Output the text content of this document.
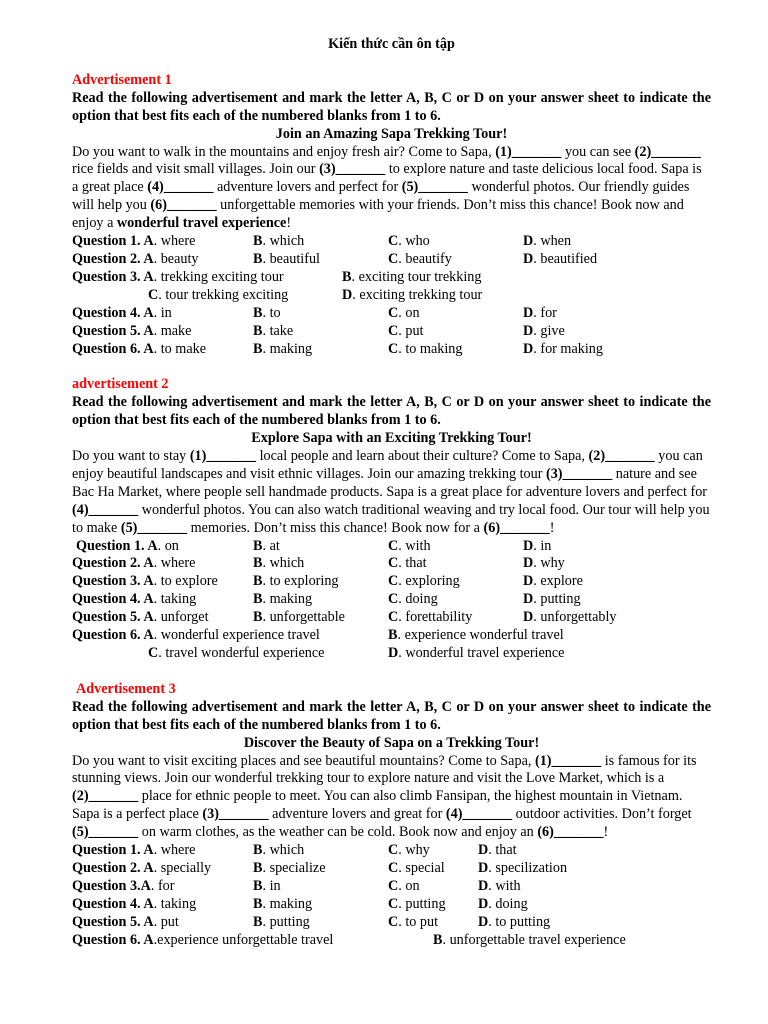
Kiến thức cần ôn tập
Advertisement 1
Read the following advertisement and mark the letter A, B, C or D on your answer sheet to indicate the option that best fits each of the numbered blanks from 1 to 6.
Join an Amazing Sapa Trekking Tour!
Do you want to walk in the mountains and enjoy fresh air? Come to Sapa, (1)_______ you can see (2)_______ rice fields and visit small villages. Join our (3)_______ to explore nature and taste delicious local food. Sapa is a great place (4)_______ adventure lovers and perfect for (5)_______ wonderful photos. Our friendly guides will help you (6)_______ unforgettable memories with your friends. Don’t miss this chance! Book now and enjoy a wonderful travel experience!
Question 1. A. where	B. which	C. who	D. when
Question 2. A. beauty	B. beautiful	C. beautify	D. beautified
Question 3. A. trekking exciting tour	B. exciting tour trekking
C. tour trekking exciting	D. exciting trekking tour
Question 4. A. in	B. to	C. on	D. for
Question 5. A. make	B. take	C. put	D. give
Question 6. A. to make	B. making	C. to making	D. for making
advertisement 2
Read the following advertisement and mark the letter A, B, C or D on your answer sheet to indicate the option that best fits each of the numbered blanks from 1 to 6.
Explore Sapa with an Exciting Trekking Tour!
Do you want to stay (1)_______ local people and learn about their culture? Come to Sapa, (2)_______ you can enjoy beautiful landscapes and visit ethnic villages. Join our amazing trekking tour (3)_______ nature and see Bac Ha Market, where people sell handmade products. Sapa is a great place for adventure lovers and perfect for (4)_______ wonderful photos. You can also watch traditional weaving and try local food. Our tour will help you to make (5)_______ memories. Don’t miss this chance! Book now for a (6)_______!
Question 1. A. on	B. at	C. with	D. in
Question 2. A. where	B. which	C. that	D. why
Question 3. A. to explore	B. to exploring	C. exploring	D. explore
Question 4. A. taking	B. making	C. doing	D. putting
Question 5. A. unforget	B. unforgettable	C. forettability	D. unforgettably
Question 6. A. wonderful experience travel	B. experience wonderful travel
C. travel wonderful experience	D. wonderful travel experience
Advertisement 3
Read the following advertisement and mark the letter A, B, C or D on your answer sheet to indicate the option that best fits each of the numbered blanks from 1 to 6.
Discover the Beauty of Sapa on a Trekking Tour!
Do you want to visit exciting places and see beautiful mountains? Come to Sapa, (1)_______ is famous for its stunning views. Join our wonderful trekking tour to explore nature and visit the Love Market, which is a (2)_______ place for ethnic people to meet. You can also climb Fansipan, the highest mountain in Vietnam. Sapa is a perfect place (3)_______ adventure lovers and great for (4)_______ outdoor activities. Don’t forget (5)_______ on warm clothes, as the weather can be cold. Book now and enjoy an (6)_______!
Question 1. A. where	B. which	C. why	D. that
Question 2. A. specially	B. specialize	C. special	D. specilization
Question 3.A. for	B. in	C. on	D. with
Question 4. A. taking	B. making	C. putting	D. doing
Question 5. A. put	B. putting	C. to put	D. to putting
Question 6. A.experience unforgettable travel	B. unforgettable travel experience
